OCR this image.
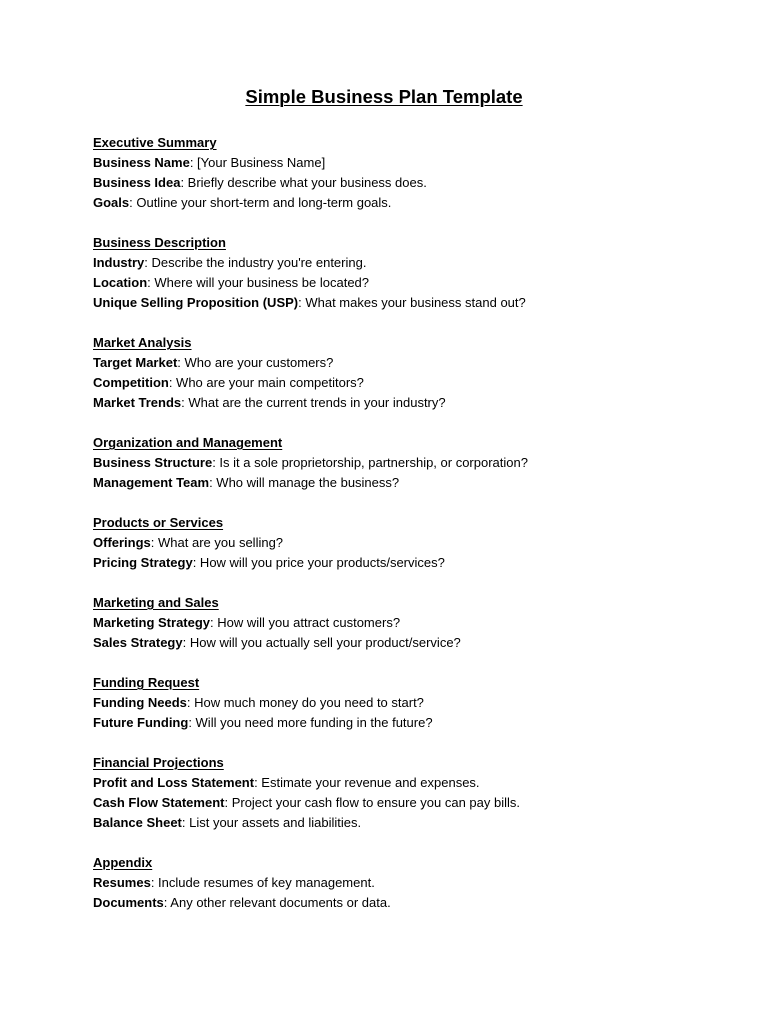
Simple Business Plan Template
Executive Summary
Business Name: [Your Business Name]
Business Idea: Briefly describe what your business does.
Goals: Outline your short-term and long-term goals.
Business Description
Industry: Describe the industry you're entering.
Location: Where will your business be located?
Unique Selling Proposition (USP): What makes your business stand out?
Market Analysis
Target Market: Who are your customers?
Competition: Who are your main competitors?
Market Trends: What are the current trends in your industry?
Organization and Management
Business Structure: Is it a sole proprietorship, partnership, or corporation?
Management Team: Who will manage the business?
Products or Services
Offerings: What are you selling?
Pricing Strategy: How will you price your products/services?
Marketing and Sales
Marketing Strategy: How will you attract customers?
Sales Strategy: How will you actually sell your product/service?
Funding Request
Funding Needs: How much money do you need to start?
Future Funding: Will you need more funding in the future?
Financial Projections
Profit and Loss Statement: Estimate your revenue and expenses.
Cash Flow Statement: Project your cash flow to ensure you can pay bills.
Balance Sheet: List your assets and liabilities.
Appendix
Resumes: Include resumes of key management.
Documents: Any other relevant documents or data.
